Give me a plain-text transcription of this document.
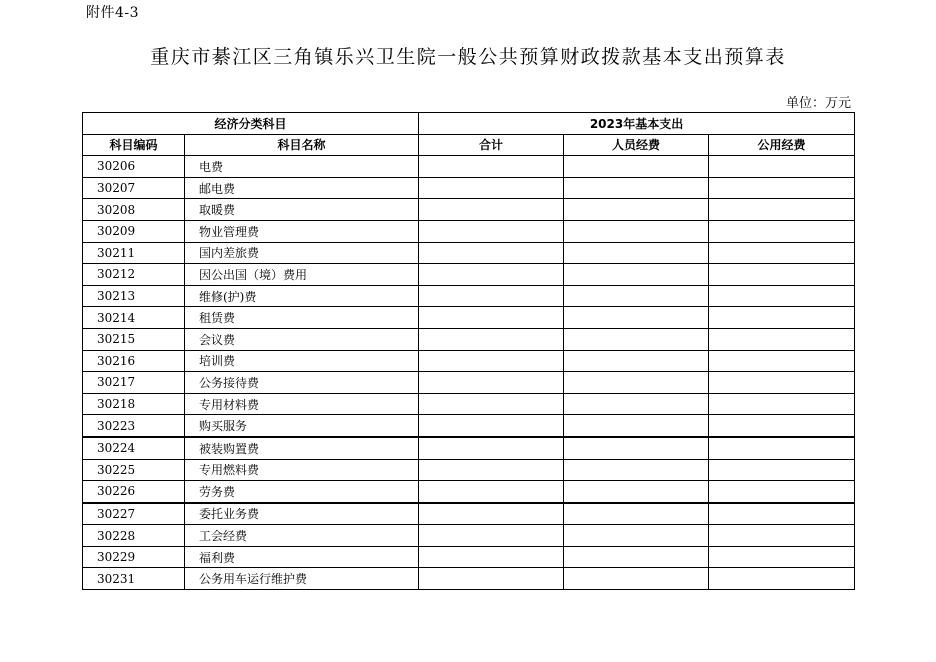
附件4-3
重庆市綦江区三角镇乐兴卫生院一般公共预算财政拨款基本支出预算表
单位：万元
经济分类科目		2023年基本支出		
科目编码	科目名称	合计	人员经费	公用经费
30206	电费			
30207	邮电费			
30208	取暖费			
30209	物业管理费			
30211	国内差旅费			
30212	因公出国（境）费用			
30213	维修(护)费			
30214	租赁费			
30215	会议费			
30216	培训费			
30217	公务接待费			
30218	专用材料费			
30223	购买服务			
30224	被装购置费			
30225	专用燃料费			
30226	劳务费			
30227	委托业务费			
30228	工会经费			
30229	福利费			
30231	公务用车运行维护费			
